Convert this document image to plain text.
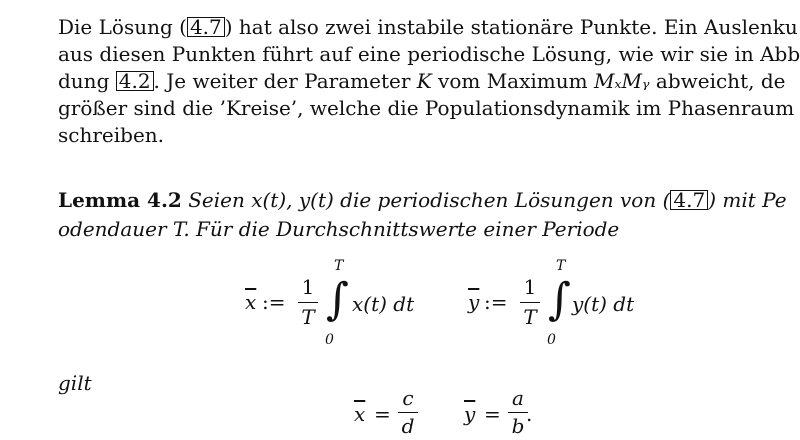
Die Lösung ( 4.7 ) hat also zwei instabile stationäre Punkte. Ein Auslenku
aus diesen Punkten führt auf eine periodische Lösung, wie wir sie in Abb
dung 4.2 . Je weiter der Parameter K vom Maximum MₓMᵧ abweicht, de
größer sind die ’Kreise’, welche die Populationsdynamik im Phasenraum
schreiben.
Lemma 4.2 Seien x(t), y(t) die periodischen Lösungen von ( 4.7 ) mit Pe
odendauer T. Für die Durchschnittswerte einer Periode
$\overline{x}$ :=
1
T
T
∫
0
x(t) dt	$\overline{y}$ :=
1
T
T
∫
0
y(t) dt
gilt
$\overline{x}$ =
c
d $\overline{y}$ =
a
b .
